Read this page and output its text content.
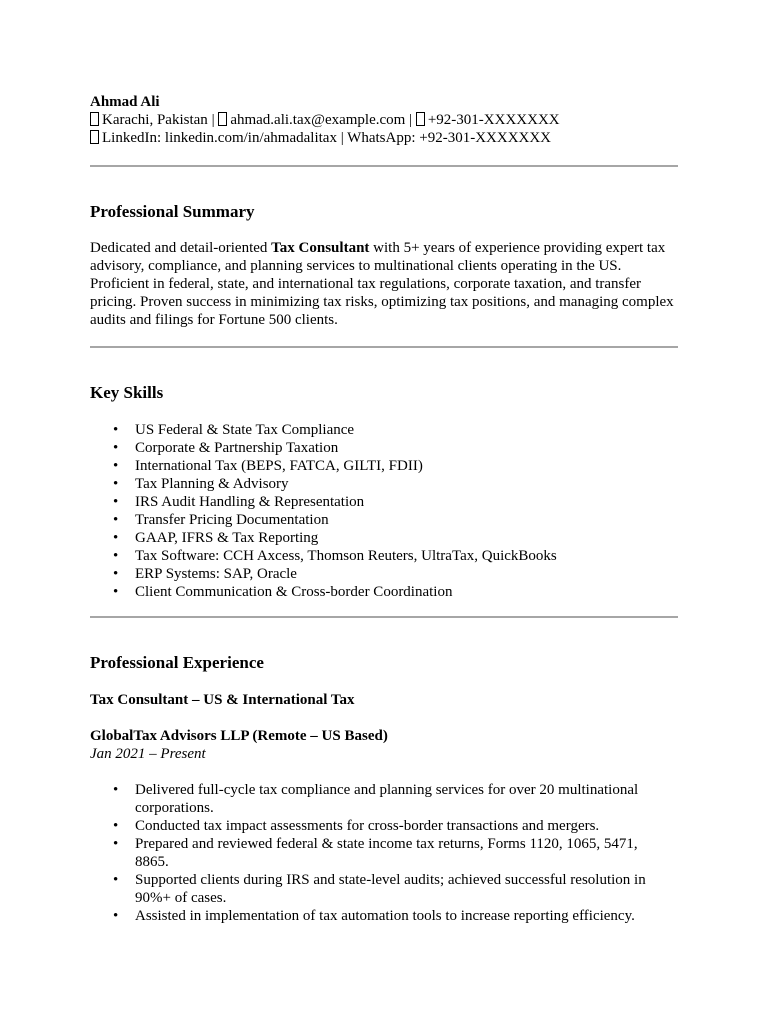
Ahmad Ali
Karachi, Pakistan | ahmad.ali.tax@example.com | +92-301-XXXXXXX
LinkedIn: linkedin.com/in/ahmadalitax | WhatsApp: +92-301-XXXXXXX
Professional Summary

Dedicated and detail-oriented Tax Consultant with 5+ years of experience providing expert tax advisory, compliance, and planning services to multinational clients operating in the US. Proficient in federal, state, and international tax regulations, corporate taxation, and transfer pricing. Proven success in minimizing tax risks, optimizing tax positions, and managing complex audits and filings for Fortune 500 clients.

Key Skills
• US Federal & State Tax Compliance
• Corporate & Partnership Taxation
• International Tax (BEPS, FATCA, GILTI, FDII)
• Tax Planning & Advisory
• IRS Audit Handling & Representation
• Transfer Pricing Documentation
• GAAP, IFRS & Tax Reporting
• Tax Software: CCH Axcess, Thomson Reuters, UltraTax, QuickBooks
• ERP Systems: SAP, Oracle
• Client Communication & Cross-border Coordination
Professional Experience
Tax Consultant – US & International Tax
GlobalTax Advisors LLP (Remote – US Based)
Jan 2021 – Present
• Delivered full-cycle tax compliance and planning services for over 20 multinational corporations.
• Conducted tax impact assessments for cross-border transactions and mergers.
• Prepared and reviewed federal & state income tax returns, Forms 1120, 1065, 5471, 8865.
• Supported clients during IRS and state-level audits; achieved successful resolution in 90%+ of cases.
• Assisted in implementation of tax automation tools to increase reporting efficiency.
